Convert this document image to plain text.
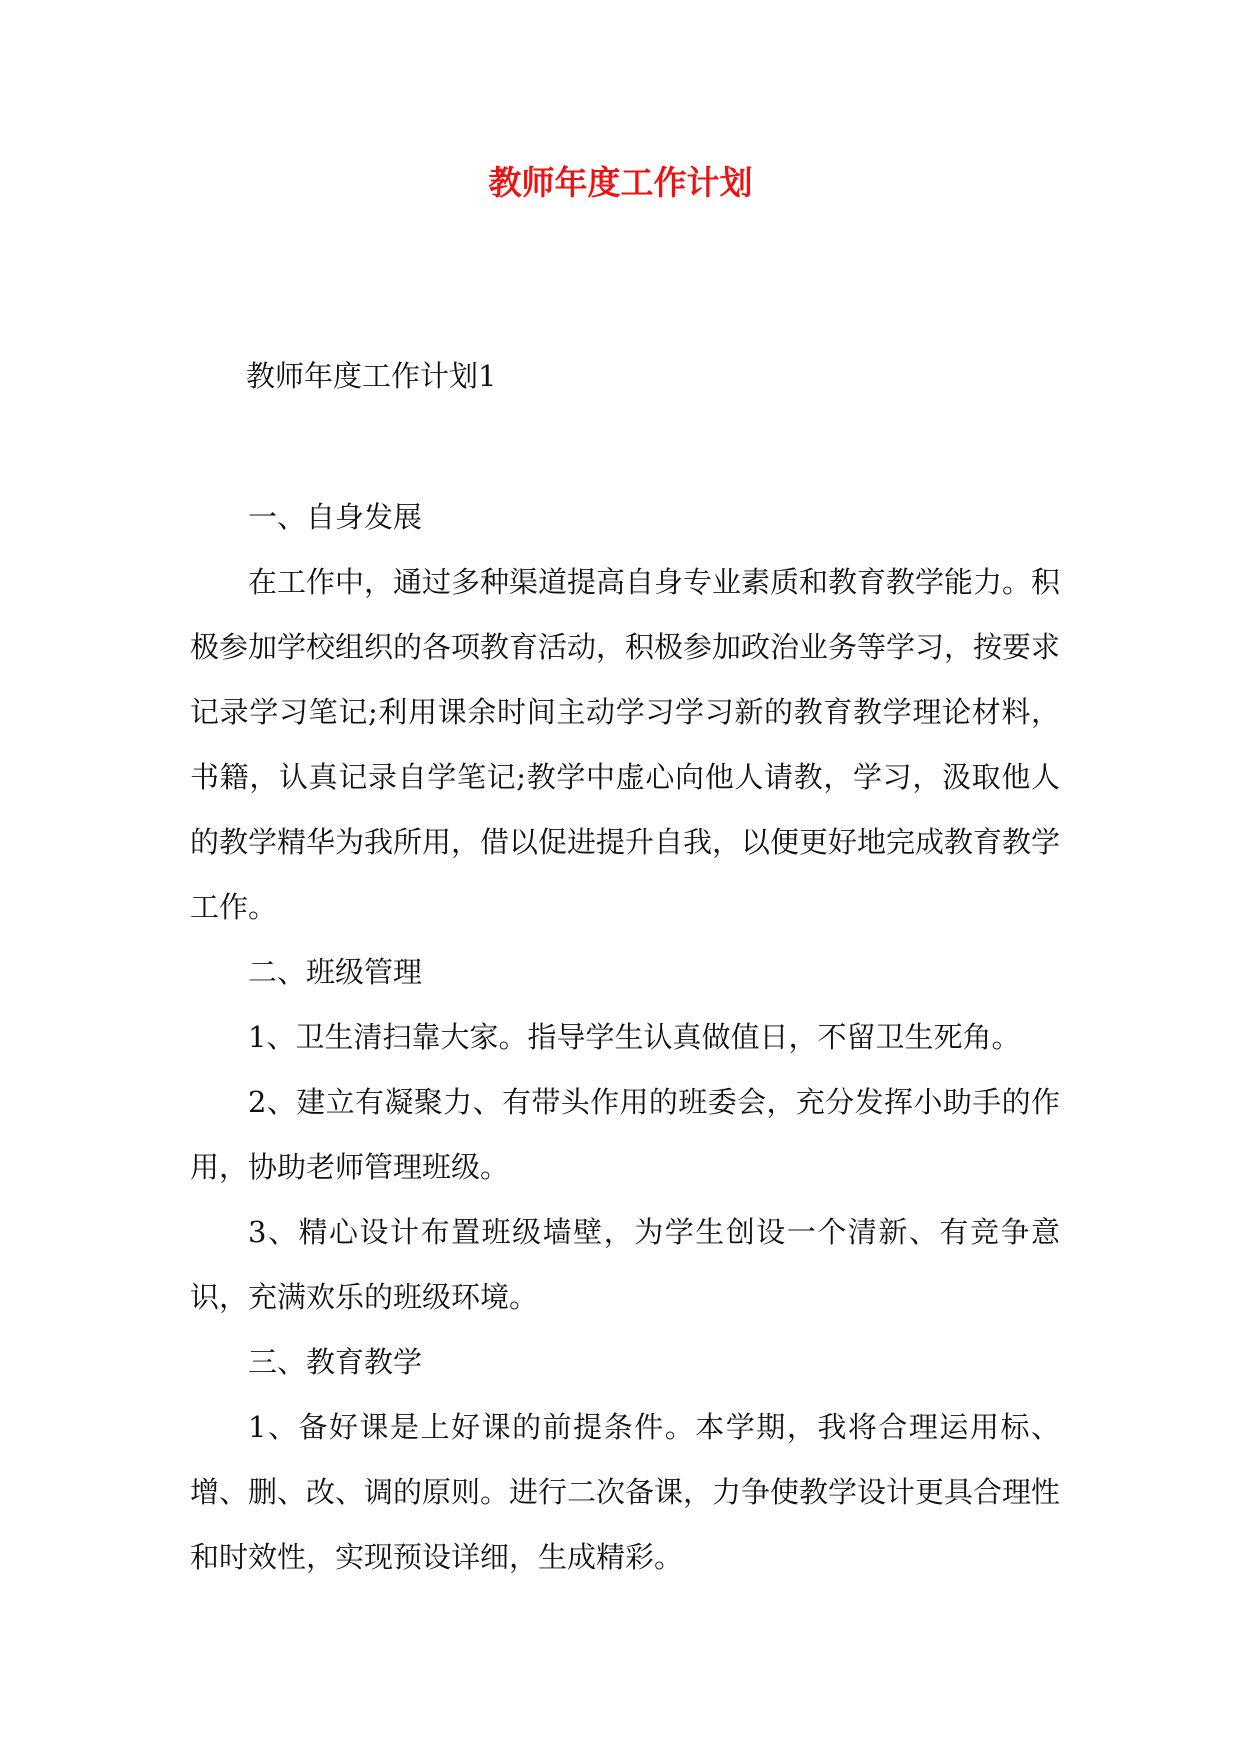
教师年度工作计划
教师年度工作计划1

一、自身发展

在工作中，通过多种渠道提高自身专业素质和教育教学能力。积极参加学校组织的各项教育活动，积极参加政治业务等学习，按要求记录学习笔记;利用课余时间主动学习学习新的教育教学理论材料，书籍，认真记录自学笔记;教学中虚心向他人请教，学习，汲取他人的教学精华为我所用，借以促进提升自我，以便更好地完成教育教学工作。

二、班级管理

1、卫生清扫靠大家。指导学生认真做值日，不留卫生死角。

2、建立有凝聚力、有带头作用的班委会，充分发挥小助手的作用，协助老师管理班级。

3、精心设计布置班级墙壁，为学生创设一个清新、有竞争意识，充满欢乐的班级环境。

三、教育教学

1、备好课是上好课的前提条件。本学期，我将合理运用标、增、删、改、调的原则。进行二次备课，力争使教学设计更具合理性和时效性，实现预设详细，生成精彩。
